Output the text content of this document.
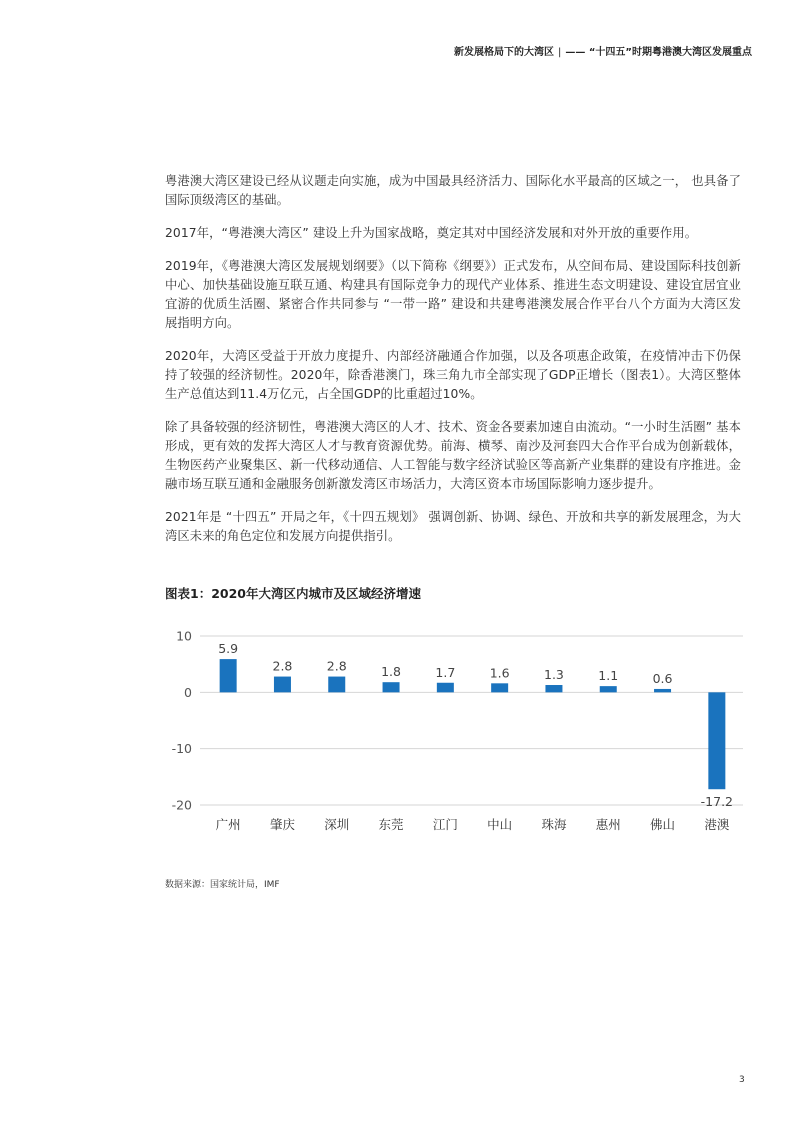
新发展格局下的大湾区 | —— “十四五”时期粤港澳大湾区发展重点

粤港澳大湾区建设已经从议题走向实施，成为中国最具经济活力、国际化水平最高的区域之一， 也具备了国际顶级湾区的基础。

2017年，“粤港澳大湾区” 建设上升为国家战略，奠定其对中国经济发展和对外开放的重要作用。

2019年，《粤港澳大湾区发展规划纲要》（以下简称《纲要》）正式发布，从空间布局、建设国际科技创新中心、加快基础设施互联互通、构建具有国际竞争力的现代产业体系、推进生态文明建设、建设宜居宜业宜游的优质生活圈、紧密合作共同参与 “一带一路” 建设和共建粤港澳发展合作平台八个方面为大湾区发展指明方向。

2020年，大湾区受益于开放力度提升、内部经济融通合作加强，以及各项惠企政策，在疫情冲击下仍保持了较强的经济韧性。2020年，除香港澳门，珠三角九市全部实现了GDP正增长（图表1）。大湾区整体生产总值达到11.4万亿元，占全国GDP的比重超过10%。

除了具备较强的经济韧性，粤港澳大湾区的人才、技术、资金各要素加速自由流动。“一小时生活圈” 基本形成，更有效的发挥大湾区人才与教育资源优势。前海、横琴、南沙及河套四大合作平台成为创新载体，生物医药产业聚集区、新一代移动通信、人工智能与数字经济试验区等高新产业集群的建设有序推进。金融市场互联互通和金融服务创新激发湾区市场活力，大湾区资本市场国际影响力逐步提升。

2021年是 “十四五” 开局之年，《十四五规划》 强调创新、协调、绿色、开放和共享的新发展理念，为大湾区未来的角色定位和发展方向提供指引。

图表1：2020年大湾区内城市及区域经济增速
10
0
-10
-20
5.9
广州
2.8
肇庆
2.8
深圳
1.8
东莞
1.7
江门
1.6
中山
1.3
珠海
1.1
惠州
0.6
佛山
-17.2
港澳
数据来源：国家统计局，IMF
3
